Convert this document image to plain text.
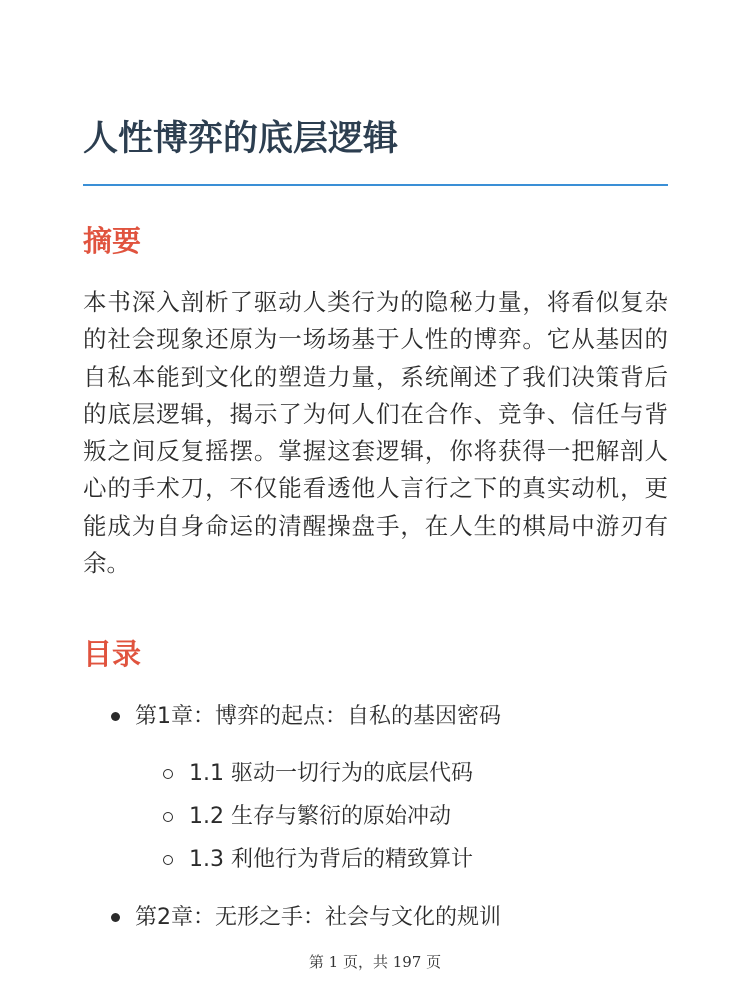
人性博弈的底层逻辑
摘要

本书深入剖析了驱动人类行为的隐秘力量，将看似复杂的社会现象还原为一场场基于人性的博弈。它从基因的自私本能到文化的塑造力量，系统阐述了我们决策背后的底层逻辑，揭示了为何人们在合作、竞争、信任与背叛之间反复摇摆。掌握这套逻辑，你将获得一把解剖人心的手术刀，不仅能看透他人言行之下的真实动机，更能成为自身命运的清醒操盘手，在人生的棋局中游刃有余。

目录
第1章：博弈的起点：自私的基因密码
1.1 驱动一切行为的底层代码
1.2 生存与繁衍的原始冲动
1.3 利他行为背后的精致算计
第2章：无形之手：社会与文化的规训
第 1 页，共 197 页
